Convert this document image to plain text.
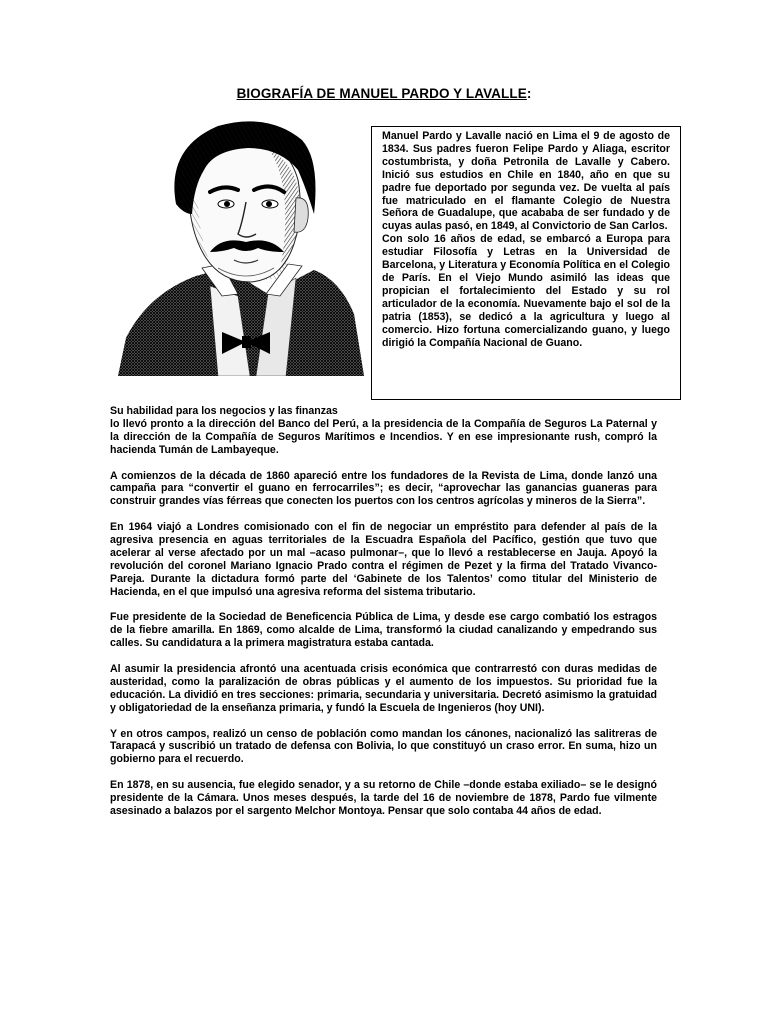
BIOGRAFÍA DE MANUEL PARDO Y LAVALLE:

Manuel Pardo y Lavalle nació en Lima el 9 de agosto de 1834. Sus padres fueron Felipe Pardo y Aliaga, escritor costumbrista, y doña Petronila de Lavalle y Cabero. Inició sus estudios en Chile en 1840, año en que su padre fue deportado por segunda vez. De vuelta al país fue matriculado en el flamante Colegio de Nuestra Señora de Guadalupe, que acababa de ser fundado y de cuyas aulas pasó, en 1849, al Convictorio de San Carlos.

Con solo 16 años de edad, se embarcó a Europa para estudiar Filosofía y Letras en la Universidad de Barcelona, y Literatura y Economía Política en el Colegio de París. En el Viejo Mundo asimiló las ideas que propician el fortalecimiento del Estado y su rol articulador de la economía. Nuevamente bajo el sol de la patria (1853), se dedicó a la agricultura y luego al comercio. Hizo fortuna comercializando guano, y luego dirigió la Compañía Nacional de Guano.

Su habilidad para los negocios y las finanzas
lo llevó pronto a la dirección del Banco del Perú, a la presidencia de la Compañía de Seguros La Paternal y la dirección de la Compañía de Seguros Marítimos e Incendios. Y en ese impresionante rush, compró la hacienda Tumán de Lambayeque.

A comienzos de la década de 1860 apareció entre los fundadores de la Revista de Lima, donde lanzó una campaña para “convertir el guano en ferrocarriles”; es decir, “aprovechar las ganancias guaneras para construir grandes vías férreas que conecten los puertos con los centros agrícolas y mineros de la Sierra”.

En 1964 viajó a Londres comisionado con el fin de negociar un empréstito para defender al país de la agresiva presencia en aguas territoriales de la Escuadra Española del Pacífico, gestión que tuvo que acelerar al verse afectado por un mal –acaso pulmonar–, que lo llevó a restablecerse en Jauja. Apoyó la revolución del coronel Mariano Ignacio Prado contra el régimen de Pezet y la firma del Tratado Vivanco-Pareja. Durante la dictadura formó parte del ‘Gabinete de los Talentos’ como titular del Ministerio de Hacienda, en el que impulsó una agresiva reforma del sistema tributario.

Fue presidente de la Sociedad de Beneficencia Pública de Lima, y desde ese cargo combatió los estragos de la fiebre amarilla. En 1869, como alcalde de Lima, transformó la ciudad canalizando y empedrando sus calles. Su candidatura a la primera magistratura estaba cantada.

Al asumir la presidencia afrontó una acentuada crisis económica que contrarrestó con duras medidas de austeridad, como la paralización de obras públicas y el aumento de los impuestos. Su prioridad fue la educación. La dividió en tres secciones: primaria, secundaria y universitaria. Decretó asimismo la gratuidad y obligatoriedad de la enseñanza primaria, y fundó la Escuela de Ingenieros (hoy UNI).

Y en otros campos, realizó un censo de población como mandan los cánones, nacionalizó las salitreras de Tarapacá y suscribió un tratado de defensa con Bolivia, lo que constituyó un craso error. En suma, hizo un gobierno para el recuerdo.

En 1878, en su ausencia, fue elegido senador, y a su retorno de Chile –donde estaba exiliado– se le designó presidente de la Cámara. Unos meses después, la tarde del 16 de noviembre de 1878, Pardo fue vilmente asesinado a balazos por el sargento Melchor Montoya. Pensar que solo contaba 44 años de edad.
